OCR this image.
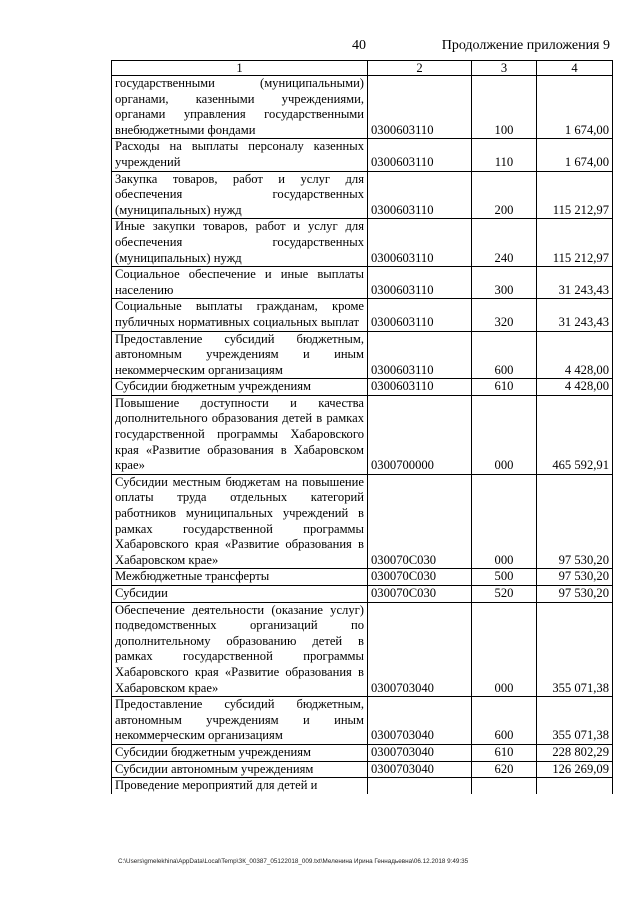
40	Продолжение приложения 9
1	2	3	4
государственными (муниципальными) органами, казенными учреждениями, органами управления государственными внебюджетными фондами	0300603110	100	1 674,00
Расходы на выплаты персоналу казенных учреждений	0300603110	110	1 674,00
Закупка товаров, работ и услуг для обеспечения государственных (муниципальных) нужд	0300603110	200	115 212,97
Иные закупки товаров, работ и услуг для обеспечения государственных (муниципальных) нужд	0300603110	240	115 212,97
Социальное обеспечение и иные выплаты населению	0300603110	300	31 243,43
Социальные выплаты гражданам, кроме публичных нормативных социальных выплат	0300603110	320	31 243,43
Предоставление субсидий бюджетным, автономным учреждениям и иным некоммерческим организациям	0300603110	600	4 428,00
Субсидии бюджетным учреждениям	0300603110	610	4 428,00
Повышение доступности и качества дополнительного образования детей в рамках государственной программы Хабаровского края «Развитие образования в Хабаровском крае»	0300700000	000	465 592,91
Субсидии местным бюджетам на повышение оплаты труда отдельных категорий работников муниципальных учреждений в рамках государственной программы Хабаровского края «Развитие образования в Хабаровском крае»	030070C030	000	97 530,20
Межбюджетные трансферты	030070C030	500	97 530,20
Субсидии	030070C030	520	97 530,20
Обеспечение деятельности (оказание услуг) подведомственных организаций по дополнительному образованию детей в рамках государственной программы Хабаровского края «Развитие образования в Хабаровском крае»	0300703040	000	355 071,38
Предоставление субсидий бюджетным, автономным учреждениям и иным некоммерческим организациям	0300703040	600	355 071,38
Субсидии бюджетным учреждениям	0300703040	610	228 802,29
Субсидии автономным учреждениям	0300703040	620	126 269,09
Проведение мероприятий для детей и			
C:\Users\gmelekhina\AppData\Local\Temp\ЗК_00387_05122018_009.txt\Меленина Ирина Геннадьевна\06.12.2018 9:49:35
